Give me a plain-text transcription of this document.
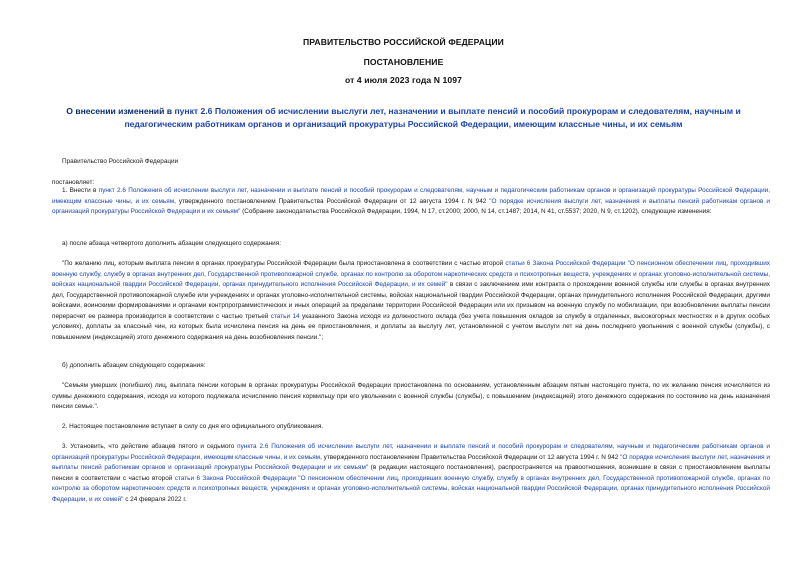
ПРАВИТЕЛЬСТВО РОССИЙСКОЙ ФЕДЕРАЦИИ
ПОСТАНОВЛЕНИЕ
от 4 июля 2023 года N 1097
О внесении изменений в пункт 2.6 Положения об исчислении выслуги лет, назначении и выплате пенсий и пособий прокурорам и следователям, научным и педагогическим работникам органов и организаций прокуратуры Российской Федерации, имеющим классные чины, и их семьям

Правительство Российской Федерации

постановляет:

1. Внести в пункт 2.6 Положения об исчислении выслуги лет, назначении и выплате пенсий и пособий прокурорам и следователям, научным и педагогическим работникам органов и организаций прокуратуры Российской Федерации, имеющим классные чины, и их семьям, утвержденного постановлением Правительства Российской Федерации от 12 августа 1994 г. N 942 "О порядке исчисления выслуги лет, назначения и выплаты пенсий работникам органов и организаций прокуратуры Российской Федерации и их семьям" (Собрание законодательства Российской Федерации, 1994, N 17, ст.2000; 2000, N 14, ст.1487; 2014, N 41, ст.5537; 2020, N 9, ст.1202), следующие изменения:

а) после абзаца четвертого дополнить абзацем следующего содержания:

"По желанию лиц, которым выплата пенсии в органах прокуратуры Российской Федерации была приостановлена в соответствии с частью второй статьи 6 Закона Российской Федерации "О пенсионном обеспечении лиц, проходивших военную службу, службу в органах внутренних дел, Государственной противопожарной службе, органах по контролю за оборотом наркотических средств и психотропных веществ, учреждениях и органах уголовно-исполнительной системы, войсках национальной гвардии Российской Федерации, органах принудительного исполнения Российской Федерации, и их семей" в связи с заключением ими контракта о прохождении военной службы или службы в органах внутренних дел, Государственной противопожарной службе или учреждениях и органах уголовно-исполнительной системы, войсках национальной гвардии Российской Федерации, органах принудительного исполнения Российской Федерации, другими войсками, воинскими формированиями и органами контрпрограммистических и иных операций за пределами территории Российской Федерации или их призывом на военную службу по мобилизации, при возобновлении выплаты пенсии перерасчет ее размера производится в соответствии с частью третьей статьи 14 указанного Закона исходя из должностного оклада (без учета повышения окладов за службу в отдаленных, высокогорных местностях и в других особых условиях), доплаты за классный чин, из которых была исчислена пенсия на день ее приостановления, и доплаты за выслугу лет, установленной с учетом выслуги лет на день последнего увольнения с военной службы (службы), с повышением (индексацией) этого денежного содержания на день возобновления пенсии.";

б) дополнить абзацем следующего содержания:

"Семьям умерших (погибших) лиц, выплата пенсии которым в органах прокуратуры Российской Федерации приостановлена по основаниям, установленным абзацем пятым настоящего пункта, по их желанию пенсия исчисляется из суммы денежного содержания, исходя из которого подлежала исчислению пенсия кормильцу при его увольнении с военной службы (службы), с повышением (индексацией) этого денежного содержания по состоянию на день назначения пенсии семье.".

2. Настоящее постановление вступает в силу со дня его официального опубликования.

3. Установить, что действие абзацев пятого и седьмого пункта 2.6 Положения об исчислении выслуги лет, назначении и выплате пенсий и пособий прокурорам и следователям, научным и педагогическим работникам органов и организаций прокуратуры Российской Федерации, имеющим классные чины, и их семьям, утвержденного постановлением Правительства Российской Федерации от 12 августа 1994 г. N 942 "О порядке исчисления выслуги лет, назначения и выплаты пенсий работникам органов и организаций прокуратуры Российской Федерации и их семьям" (в редакции настоящего постановления), распространяется на правоотношения, возникшие в связи с приостановлением выплаты пенсии в соответствии с частью второй статьи 6 Закона Российской Федерации "О пенсионном обеспечении лиц, проходивших военную службу, службу в органах внутренних дел, Государственной противопожарной службе, органах по контролю за оборотом наркотических средств и психотропных веществ, учреждениях и органах уголовно-исполнительной системы, войсках национальной гвардии Российской Федерации, органах принудительного исполнения Российской Федерации, и их семей" с 24 февраля 2022 г.
